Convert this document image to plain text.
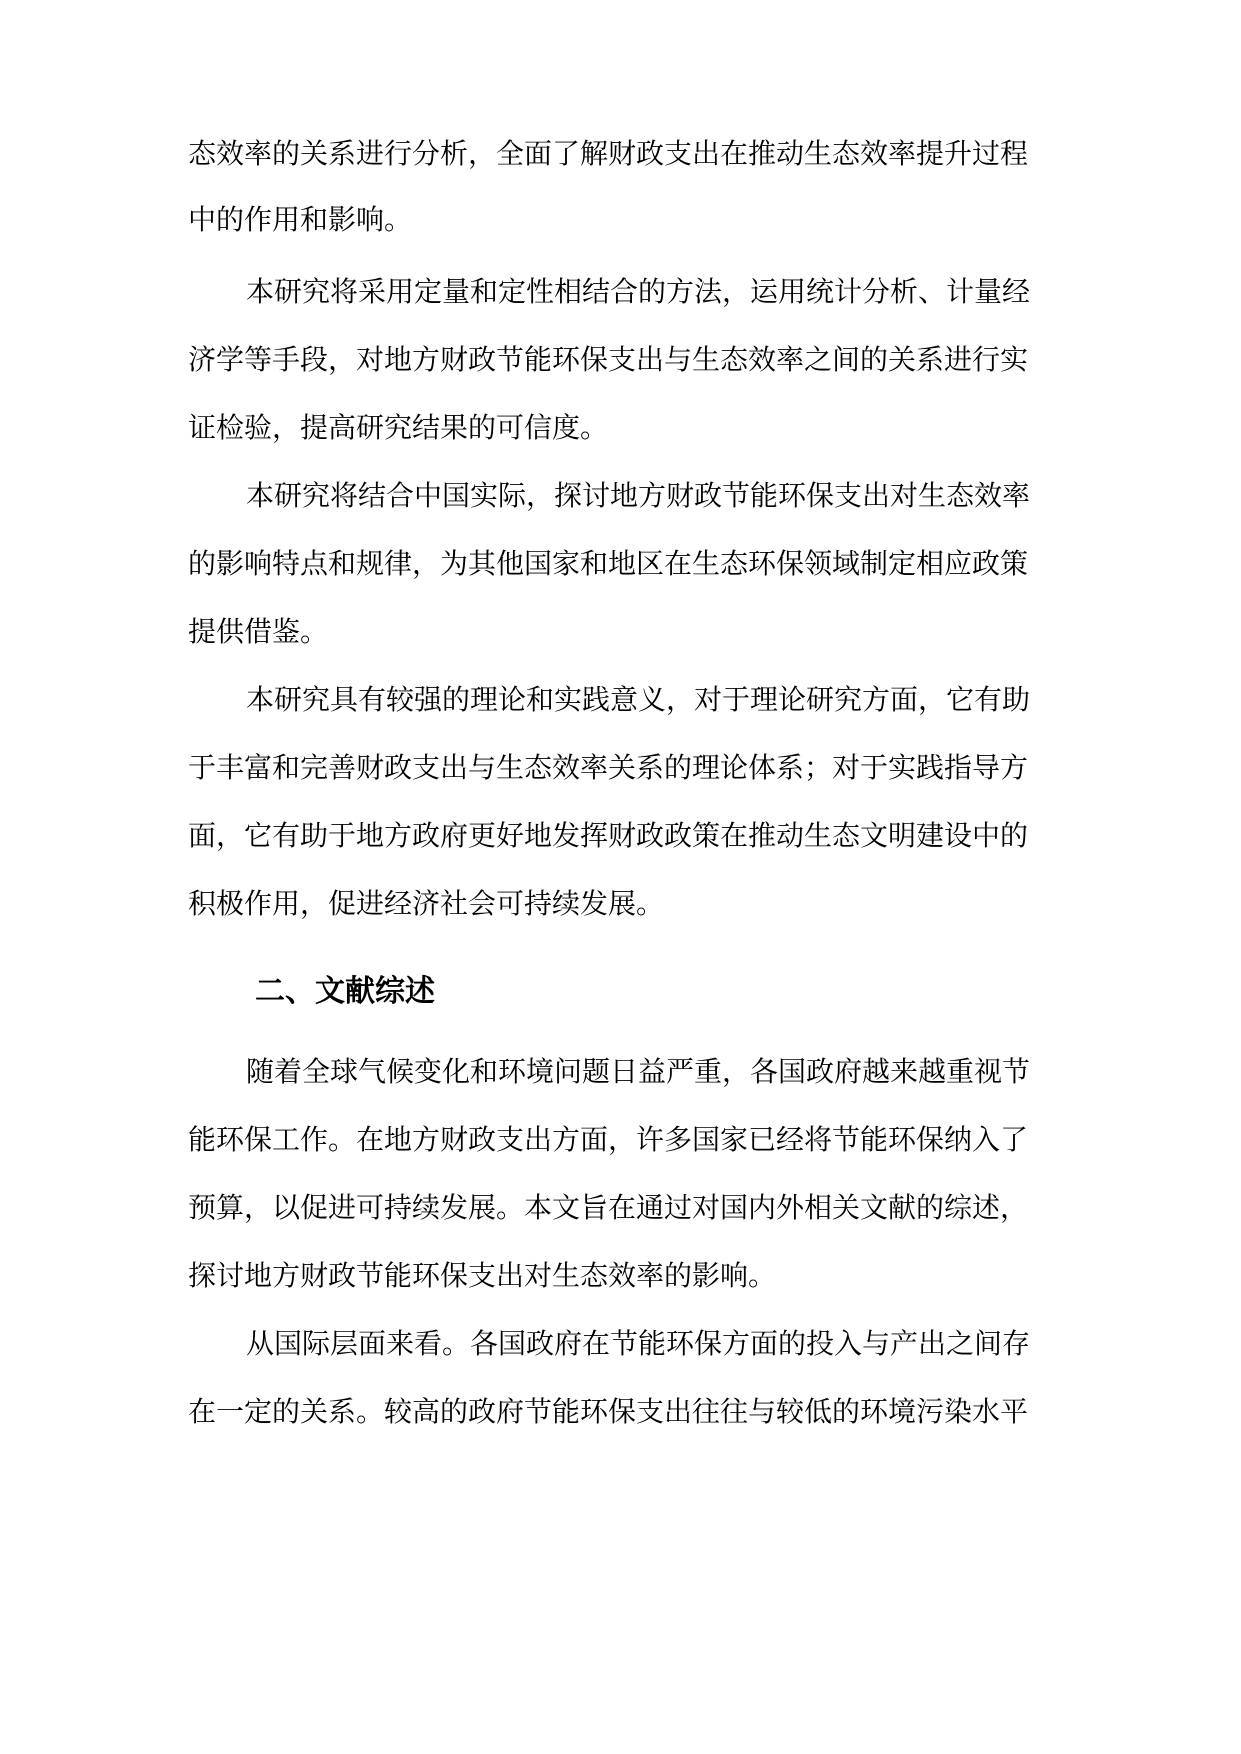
态效率的关系进行分析，全面了解财政支出在推动生态效率提升过程

中的作用和影响。

本研究将采用定量和定性相结合的方法，运用统计分析、计量经

济学等手段，对地方财政节能环保支出与生态效率之间的关系进行实

证检验，提高研究结果的可信度。

本研究将结合中国实际，探讨地方财政节能环保支出对生态效率

的影响特点和规律，为其他国家和地区在生态环保领域制定相应政策

提供借鉴。

本研究具有较强的理论和实践意义，对于理论研究方面，它有助

于丰富和完善财政支出与生态效率关系的理论体系；对于实践指导方

面，它有助于地方政府更好地发挥财政政策在推动生态文明建设中的

积极作用，促进经济社会可持续发展。

二、文献综述

随着全球气候变化和环境问题日益严重，各国政府越来越重视节

能环保工作。在地方财政支出方面，许多国家已经将节能环保纳入了

预算，以促进可持续发展。本文旨在通过对国内外相关文献的综述，

探讨地方财政节能环保支出对生态效率的影响。

从国际层面来看。各国政府在节能环保方面的投入与产出之间存

在一定的关系。较高的政府节能环保支出往往与较低的环境污染水平
